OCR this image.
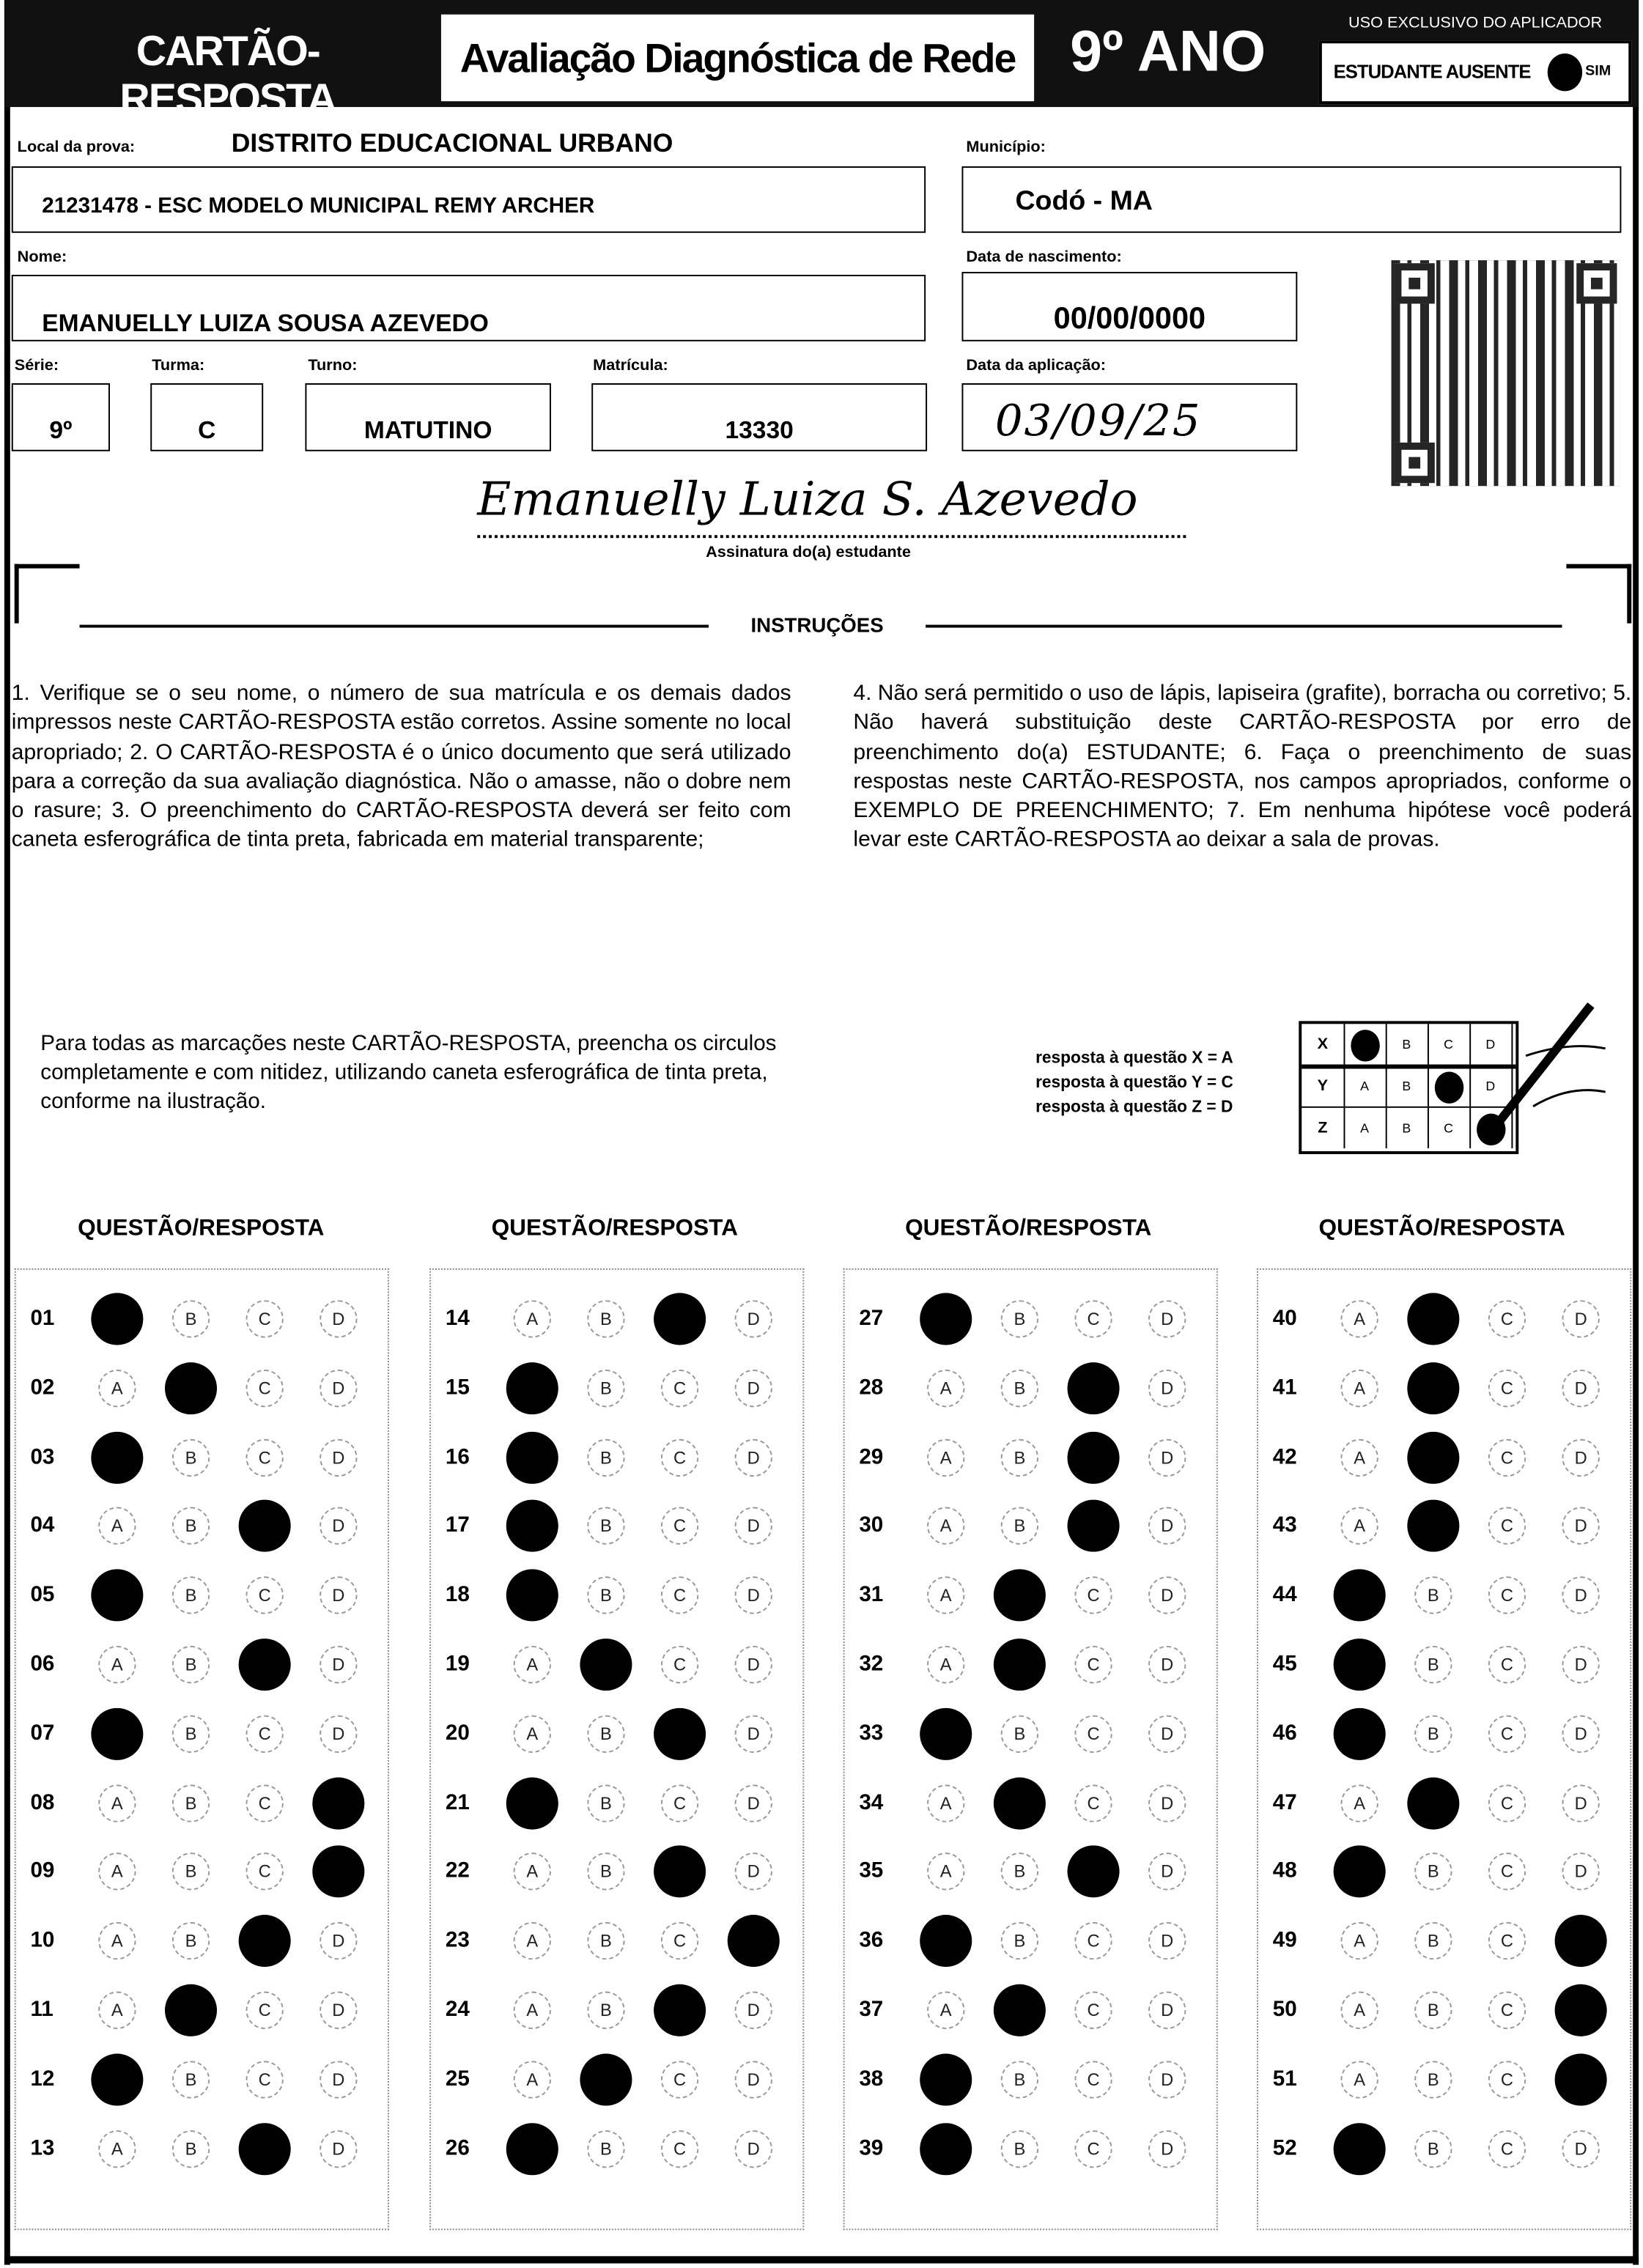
CARTÃO-RESPOSTA
Avaliação Diagnóstica de Rede	9º ANO	USO EXCLUSIVO DO APLICADOR
ESTUDANTE AUSENTE	SIM
Local da prova:	DISTRITO EDUCACIONAL URBANO	Município:
21231478 - ESC MODELO MUNICIPAL REMY ARCHER	Codó - MA
Nome:	Data de nascimento:
EMANUELLY LUIZA SOUSA AZEVEDO	00/00/0000
Série:	Turma:	Turno:	Matrícula:	Data da aplicação:
9º	C	MATUTINO	13330	03/09/25
Emanuelly Luiza S. Azevedo
Assinatura do(a) estudante
INSTRUÇÕES
1. Verifique se o seu nome, o número de sua matrícula e os demais dados impressos neste CARTÃO-RESPOSTA estão corretos. Assine somente no local apropriado; 2. O CARTÃO-RESPOSTA é o único documento que será utilizado para a correção da sua avaliação diagnóstica. Não o amasse, não o dobre nem o rasure; 3. O preenchimento do CARTÃO-RESPOSTA deverá ser feito com caneta esferográfica de tinta preta, fabricada em material transparente;
4. Não será permitido o uso de lápis, lapiseira (grafite), borracha ou corretivo; 5. Não haverá substituição deste CARTÃO-RESPOSTA por erro de preenchimento do(a) ESTUDANTE; 6. Faça o preenchimento de suas respostas neste CARTÃO-RESPOSTA, nos campos apropriados, conforme o EXEMPLO DE PREENCHIMENTO; 7. Em nenhuma hipótese você poderá levar este CARTÃO-RESPOSTA ao deixar a sala de provas.
Para todas as marcações neste CARTÃO-RESPOSTA, preencha os circulos completamente e com nitidez, utilizando caneta esferográfica de tinta preta, conforme na ilustração.
resposta à questão X = A
resposta à questão Y = C
resposta à questão Z = D
X	B	C	D
Y	A	B	D
Z	A	B	C
QUESTÃO/RESPOSTA
01	B	C	D
02	A	C	D
03	B	C	D
04	A	B	D
05	B	C	D
06	A	B	D
07	B	C	D
08	A	B	C
09	A	B	C
10	A	B	D
11	A	C	D
12	B	C	D
13	A	B	D
QUESTÃO/RESPOSTA
14	A	B	D
15	B	C	D
16	B	C	D
17	B	C	D
18	B	C	D
19	A	C	D
20	A	B	D
21	B	C	D
22	A	B	D
23	A	B	C
24	A	B	D
25	A	C	D
26	B	C	D
QUESTÃO/RESPOSTA
27	B	C	D
28	A	B	D
29	A	B	D
30	A	B	D
31	A	C	D
32	A	C	D
33	B	C	D
34	A	C	D
35	A	B	D
36	B	C	D
37	A	C	D
38	B	C	D
39	B	C	D
QUESTÃO/RESPOSTA
40	A	C	D
41	A	C	D
42	A	C	D
43	A	C	D
44	B	C	D
45	B	C	D
46	B	C	D
47	A	C	D
48	B	C	D
49	A	B	C
50	A	B	C
51	A	B	C
52	B	C	D
